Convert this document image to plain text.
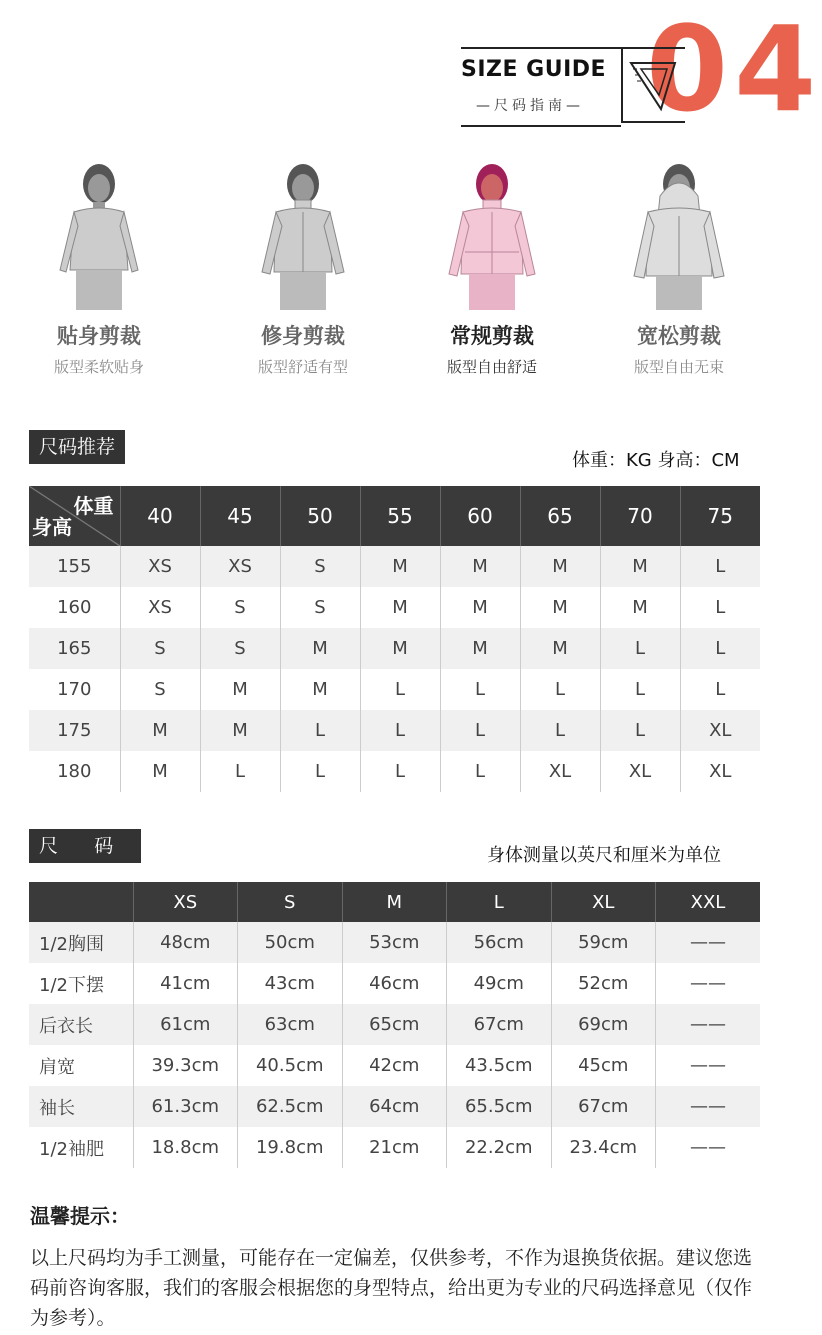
04
SIZE GUIDE
—尺码指南—
贴身剪裁
版型柔软贴身
修身剪裁
版型舒适有型
常规剪裁
版型自由舒适
宽松剪裁
版型自由无束
尺码推荐
体重：KG 身高：CM
体重
身高	40	45	50	55	60	65	70	75
155	XS	XS	S	M	M	M	M	L
160	XS	S	S	M	M	M	M	L
165	S	S	M	M	M	M	L	L
170	S	M	M	L	L	L	L	L
175	M	M	L	L	L	L	L	XL
180	M	L	L	L	L	XL	XL	XL
尺      码	身体测量以英尺和厘米为单位
	XS	S	M	L	XL	XXL
1/2胸围	48cm	50cm	53cm	56cm	59cm	——
1/2下摆	41cm	43cm	46cm	49cm	52cm	——
后衣长	61cm	63cm	65cm	67cm	69cm	——
肩宽	39.3cm	40.5cm	42cm	43.5cm	45cm	——
袖长	61.3cm	62.5cm	64cm	65.5cm	67cm	——
1/2袖肥	18.8cm	19.8cm	21cm	22.2cm	23.4cm	——
温馨提示：
以上尺码均为手工测量，可能存在一定偏差，仅供参考，不作为退换货依据。建议您选码前咨询客服，我们的客服会根据您的身型特点，给出更为专业的尺码选择意见（仅作为参考）。
